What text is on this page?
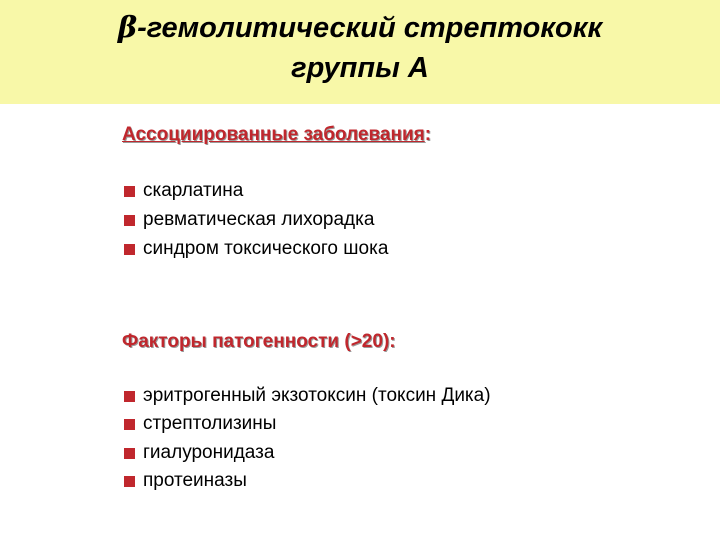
β-гемолитический стрептококк
группы А
Ассоциированные заболевания:
скарлатина
ревматическая лихорадка
синдром токсического шока
Факторы патогенности (>20):
эритрогенный экзотоксин (токсин Дика)
стрептолизины
гиалуронидаза
протеиназы
